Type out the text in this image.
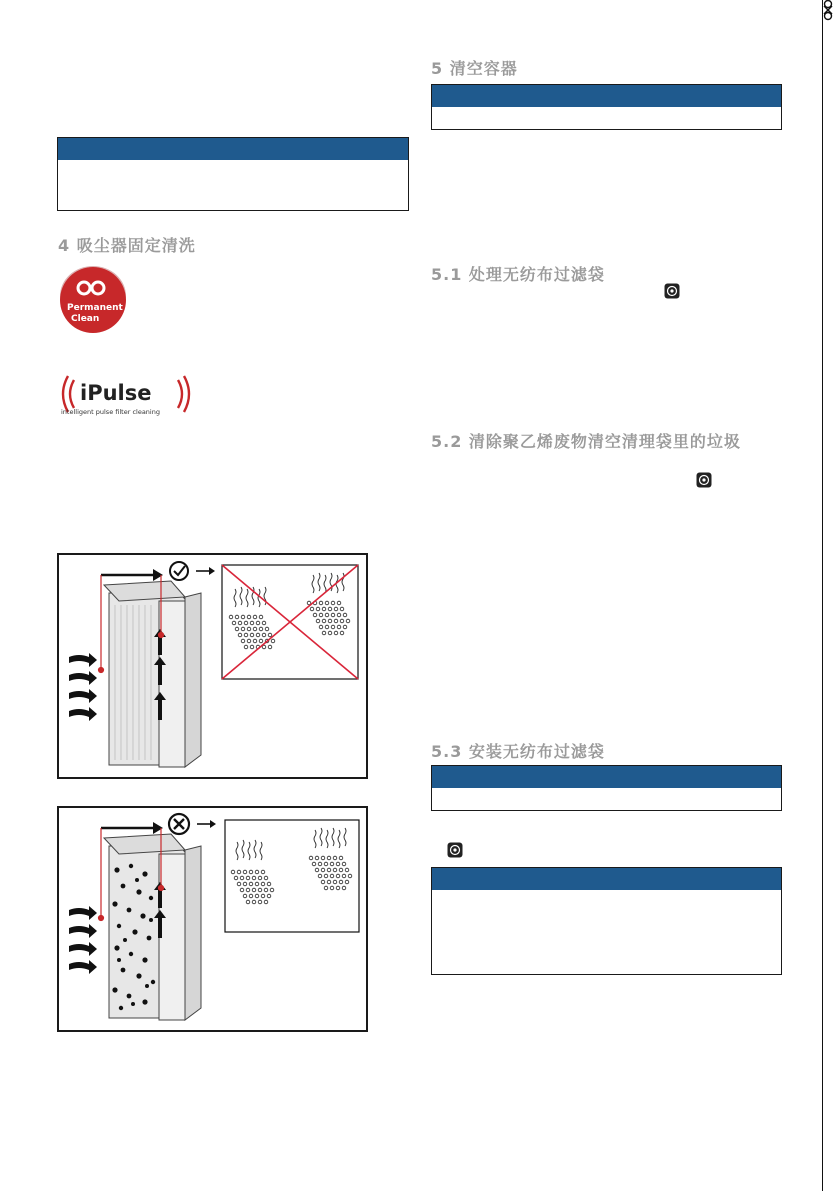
4 吸尘器固定清洗
Permanent
Clean
iPulse
intelligent pulse filter cleaning
5 清空容器
5.1 处理无纺布过滤袋
5.2 清除聚乙烯废物清空清理袋里的垃圾
5.3 安装无纺布过滤袋
